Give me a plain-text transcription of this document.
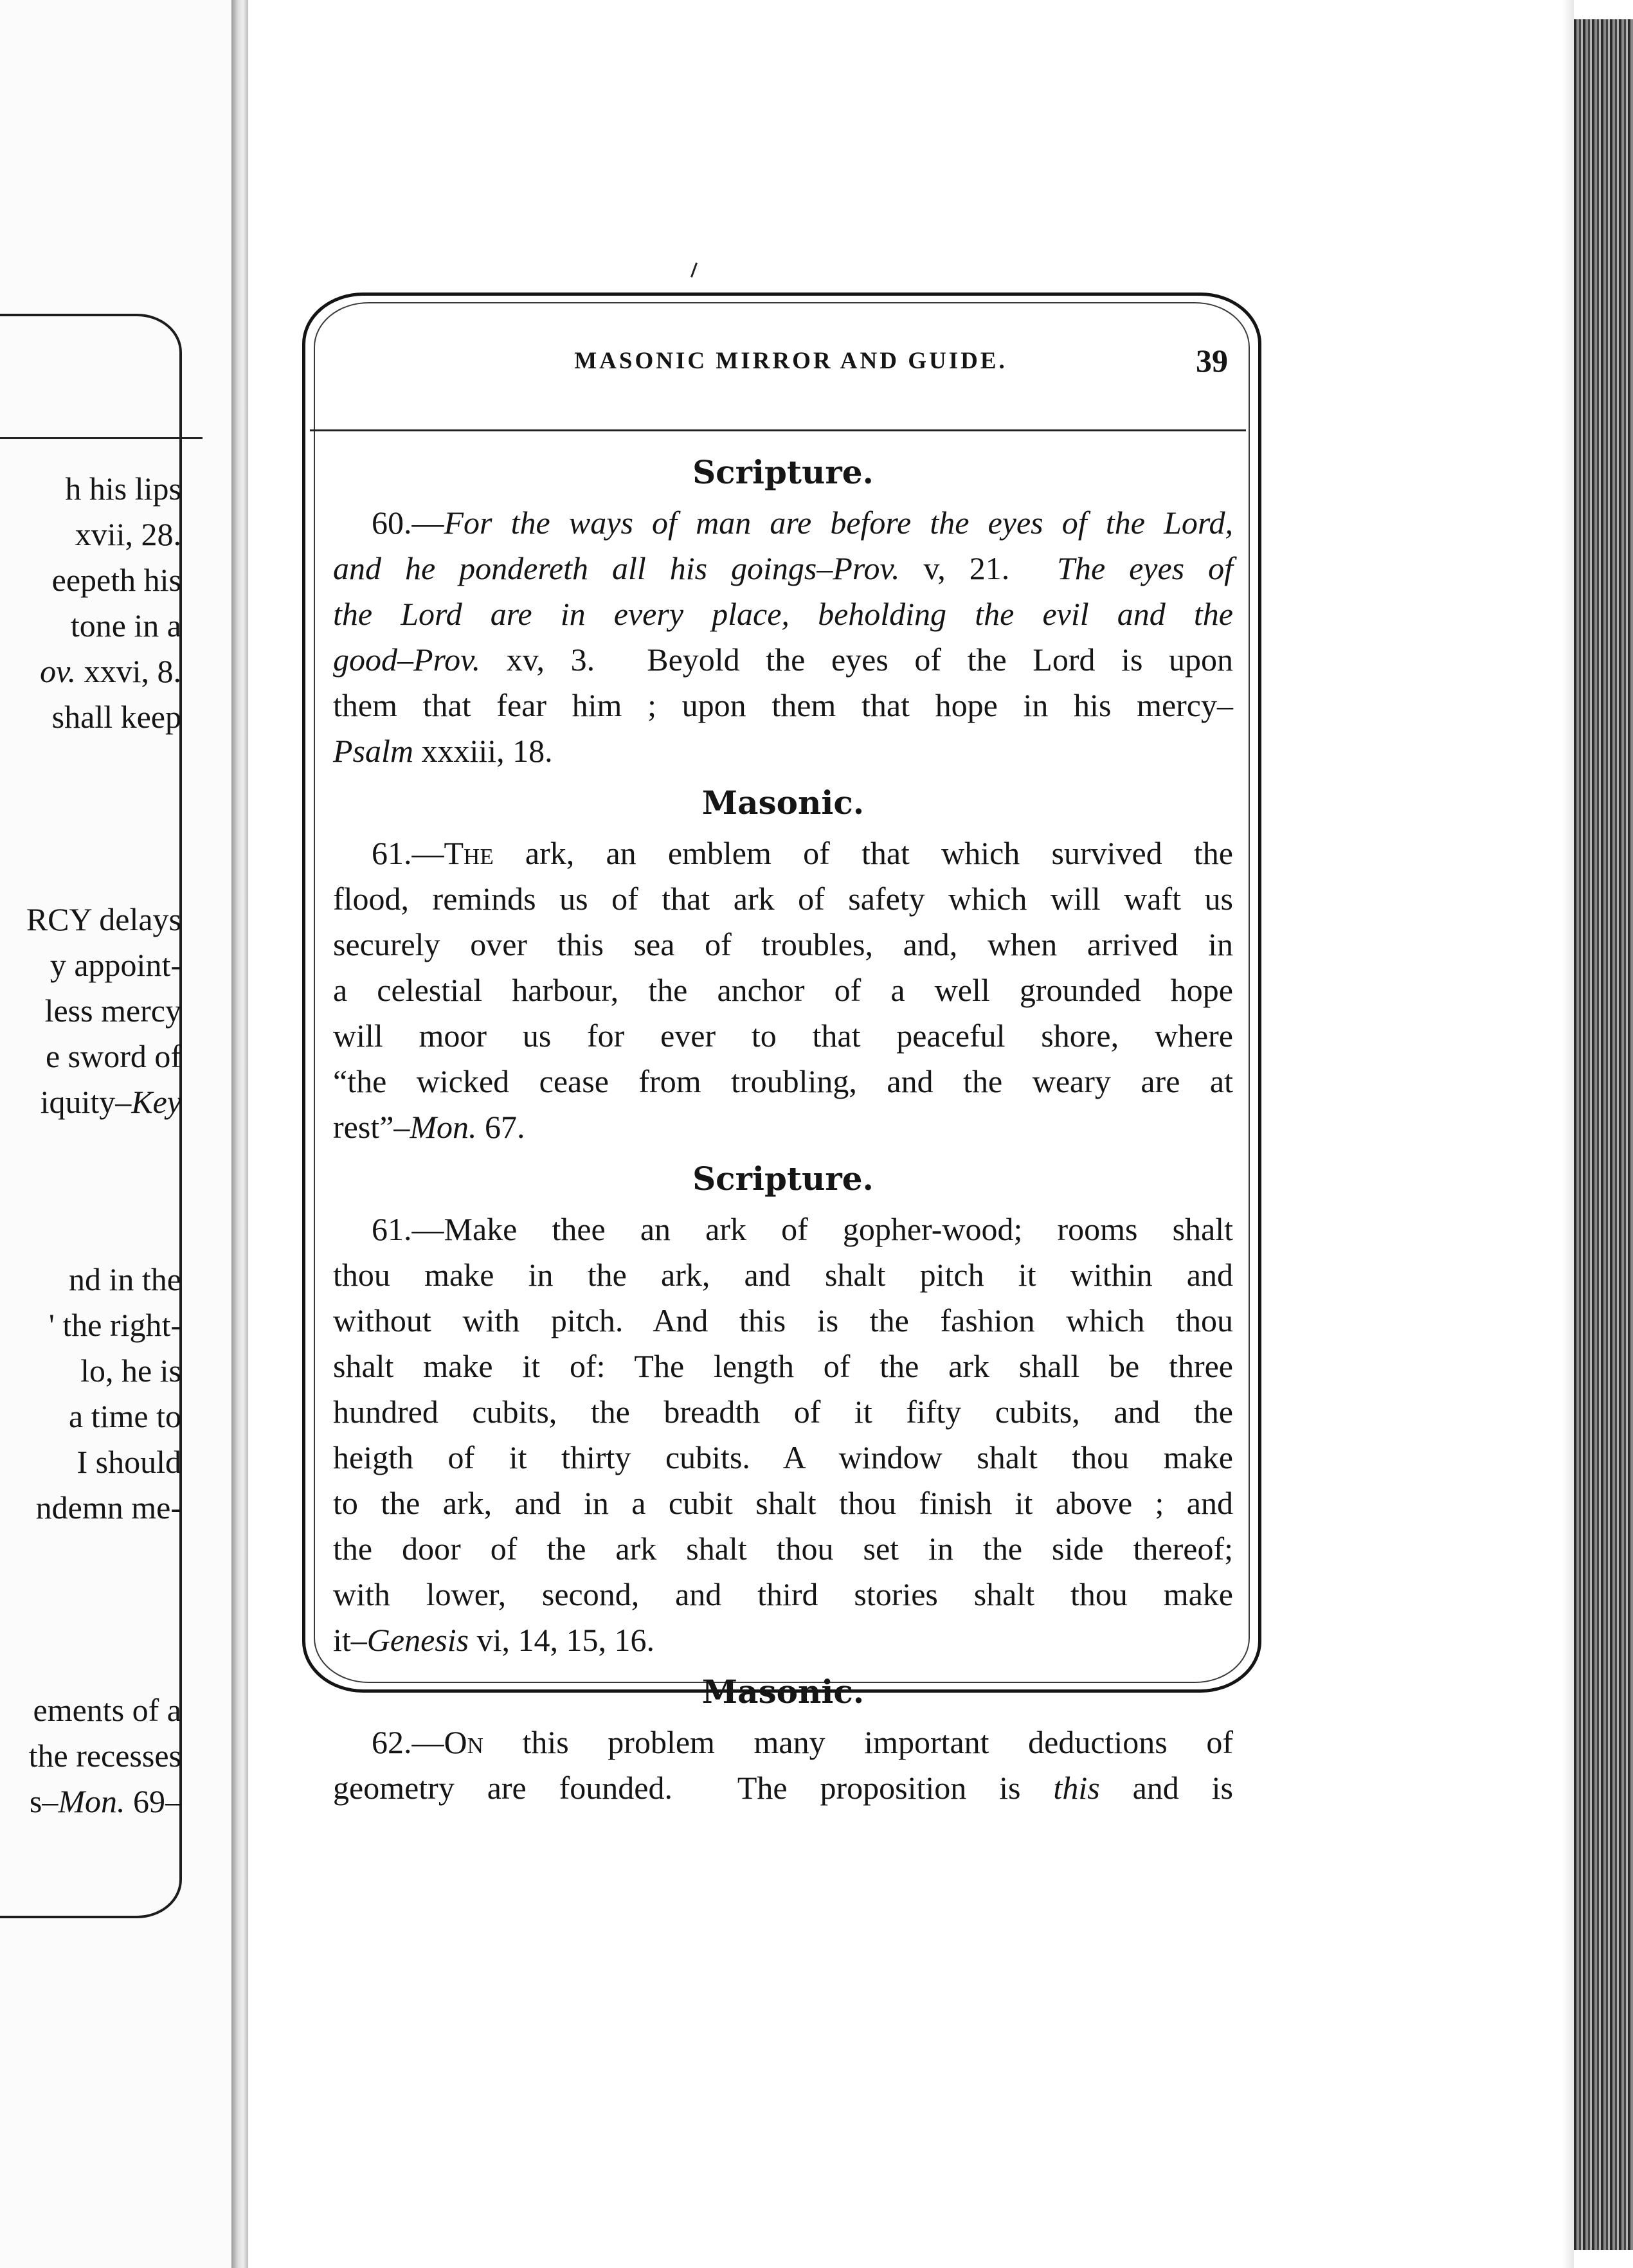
h his lips
xvii, 28.
eepeth his
tone in a
ov. xxvi, 8.
shall keep
RCY delays
y appoint-
less mercy
e sword of
iquity–Key
nd in the
' the right-
lo, he is
a time to
I should
ndemn me-
ements of a
the recesses
s–Mon. 69–
MASONIC MIRROR AND GUIDE.	39
Scripture.
60.—For the ways of man are before the eyes of the Lord,
and he pondereth all his goings–Prov. v, 21.  The eyes of
the Lord are in every place, beholding the evil and the
good–Prov. xv, 3.  Beyold the eyes of the Lord is upon
them that fear him ; upon them that hope in his mercy–
Psalm xxxiii, 18.
Masonic.
61.—The ark, an emblem of that which survived the
flood, reminds us of that ark of safety which will waft us
securely over this sea of troubles, and, when arrived in
a celestial harbour, the anchor of a well grounded hope
will moor us for ever to that peaceful shore, where
“the wicked cease from troubling, and the weary are at
rest”–Mon. 67.
Scripture.
61.—Make thee an ark of gopher-wood; rooms shalt
thou make in the ark, and shalt pitch it within and
without with pitch. And this is the fashion which thou
shalt make it of: The length of the ark shall be three
hundred cubits, the breadth of it fifty cubits, and the
heigth of it thirty cubits. A window shalt thou make
to the ark, and in a cubit shalt thou finish it above ; and
the door of the ark shalt thou set in the side thereof;
with lower, second, and third stories shalt thou make
it–Genesis vi, 14, 15, 16.
Masonic.
62.—On this problem many important deductions of
geometry are founded.  The proposition is this and is
